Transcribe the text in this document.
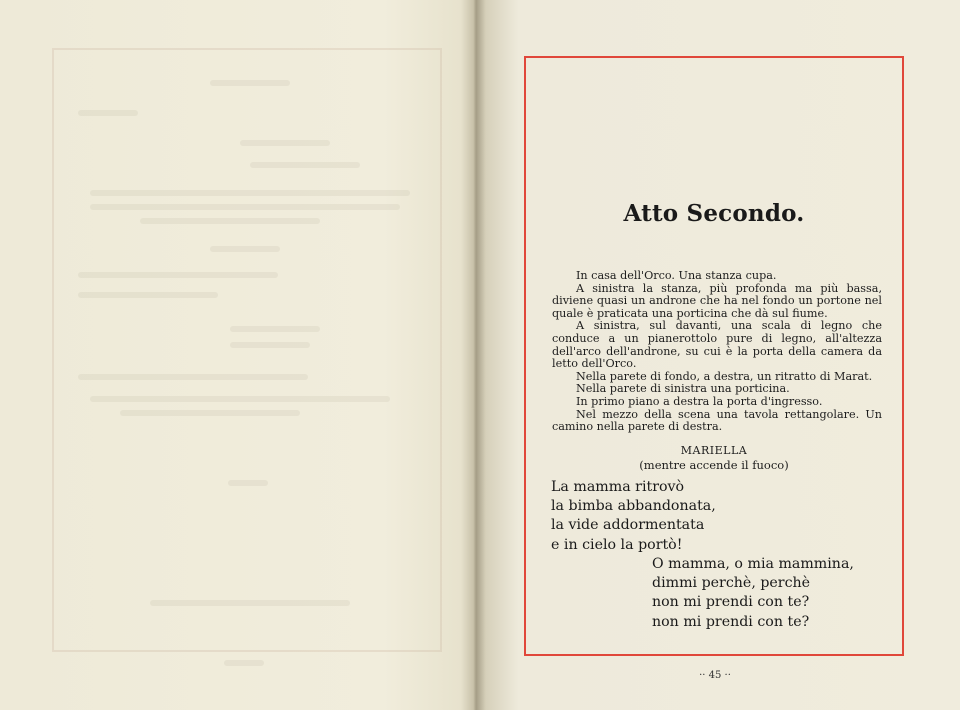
Atto Secondo.

In casa dell'Orco. Una stanza cupa.

A sinistra la stanza, più profonda ma più bassa, diviene quasi un androne che ha nel fondo un portone nel quale è praticata una porticina che dà sul fiume.

A sinistra, sul davanti, una scala di legno che conduce a un pianerottolo pure di legno, all'altezza dell'arco dell'androne, su cui è la porta della camera da letto dell'Orco.

Nella parete di fondo, a destra, un ritratto di Marat.

Nella parete di sinistra una porticina.

In primo piano a destra la porta d'ingresso.

Nel mezzo della scena una tavola rettangolare. Un camino nella parete di destra.

MARIELLA
(mentre accende il fuoco)
La mamma ritrovò
la bimba abbandonata,
la vide addormentata
e in cielo la portò!
O mamma, o mia mammina,
dimmi perchè, perchè
non mi prendi con te?
non mi prendi con te?
·· 45 ··
